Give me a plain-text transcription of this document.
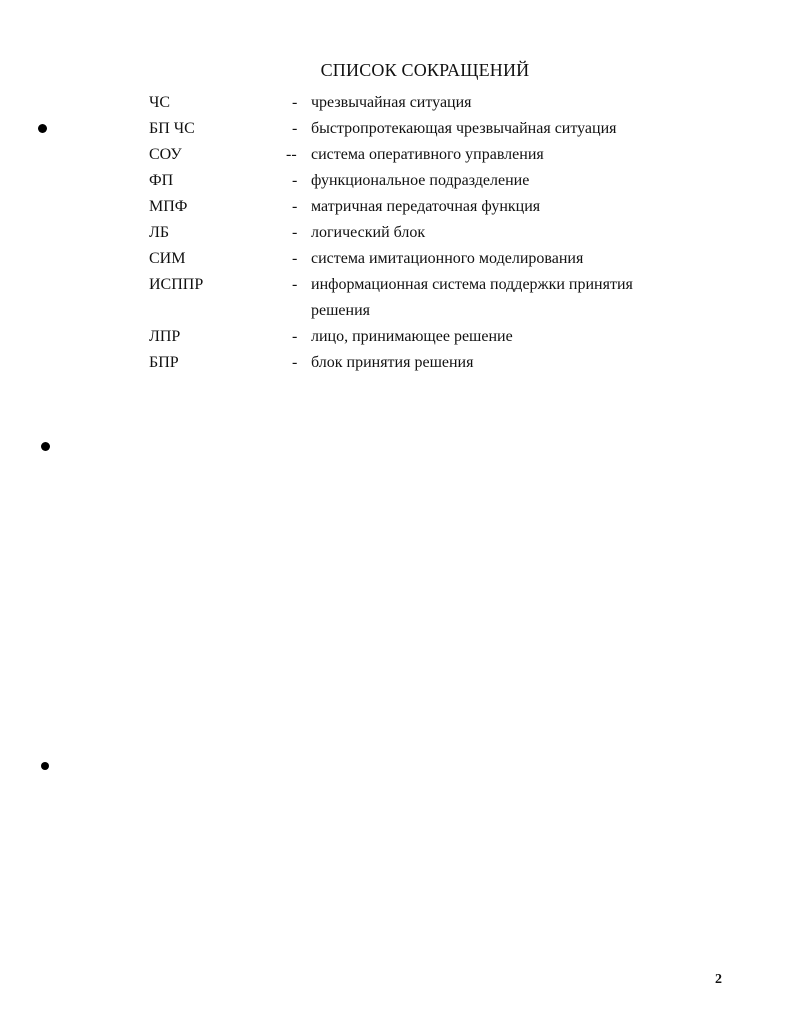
СПИСОК СОКРАЩЕНИЙ
ЧС	- чрезвычайная ситуация
БП ЧС	- быстропротекающая чрезвычайная ситуация
СОУ	-- система оперативного управления
ФП	- функциональное подразделение
МПФ	- матричная передаточная функция
ЛБ	- логический блок
СИМ	- система имитационного моделирования
ИСППР	- информационная система поддержки принятия решения
ЛПР	- лицо, принимающее решение
БПР	- блок принятия решения
2
